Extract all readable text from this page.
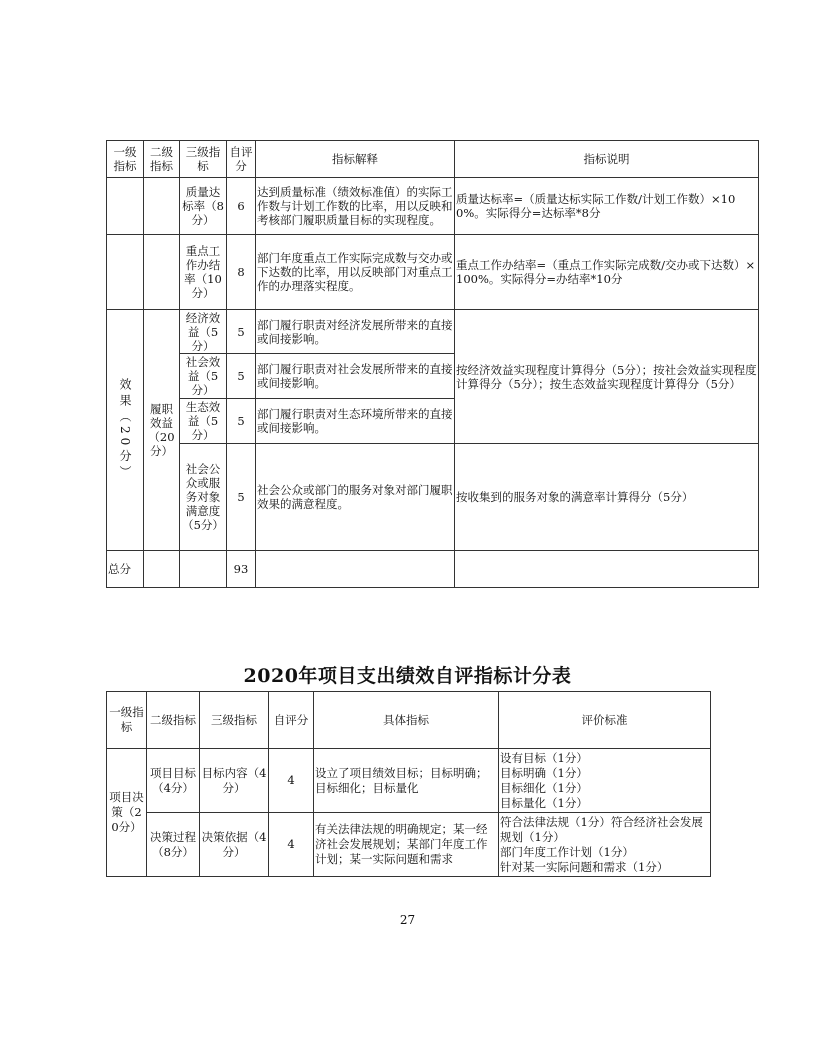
一级指标	二级指标	三级指标	自评分	指标解释	指标说明
		质量达标率（8分）	6	达到质量标准（绩效标准值）的实际工作数与计划工作数的比率，用以反映和考核部门履职质量目标的实现程度。	质量达标率=（质量达标实际工作数/计划工作数）×100%。实际得分=达标率*8分
		重点工作办结率（10分）	8	部门年度重点工作实际完成数与交办或下达数的比率，用以反映部门对重点工作的办理落实程度。	重点工作办结率=（重点工作实际完成数/交办或下达数）×100%。实际得分=办结率*10分
效果（20分）	履职效益（20分）	经济效益（5分）	5	部门履行职责对经济发展所带来的直接或间接影响。	按经济效益实现程度计算得分（5分）；按社会效益实现程度计算得分（5分）；按生态效益实现程度计算得分（5分）
		社会效益（5分）	5	部门履行职责对社会发展所带来的直接或间接影响。	
		生态效益（5分）	5	部门履行职责对生态环境所带来的直接或间接影响。	
		社会公众或服务对象满意度（5分）	5	社会公众或部门的服务对象对部门履职效果的满意程度。	按收集到的服务对象的满意率计算得分（5分）
总分			93		
2020年项目支出绩效自评指标计分表
一级指标	二级指标	三级指标	自评分	具体指标	评价标准
项目决策（20分）	项目目标（4分）	目标内容（4分）	4	设立了项目绩效目标；目标明确；目标细化；目标量化	设有目标（1分）
目标明确（1分）
目标细化（1分）
目标量化（1分）

	决策过程（8分）	决策依据（4分）	4	有关法律法规的明确规定；某一经济社会发展规划；某部门年度工作计划；某一实际问题和需求	符合法律法规（1分）符合经济社会发展规划（1分）
部门年度工作计划（1分）
针对某一实际问题和需求（1分）
27
